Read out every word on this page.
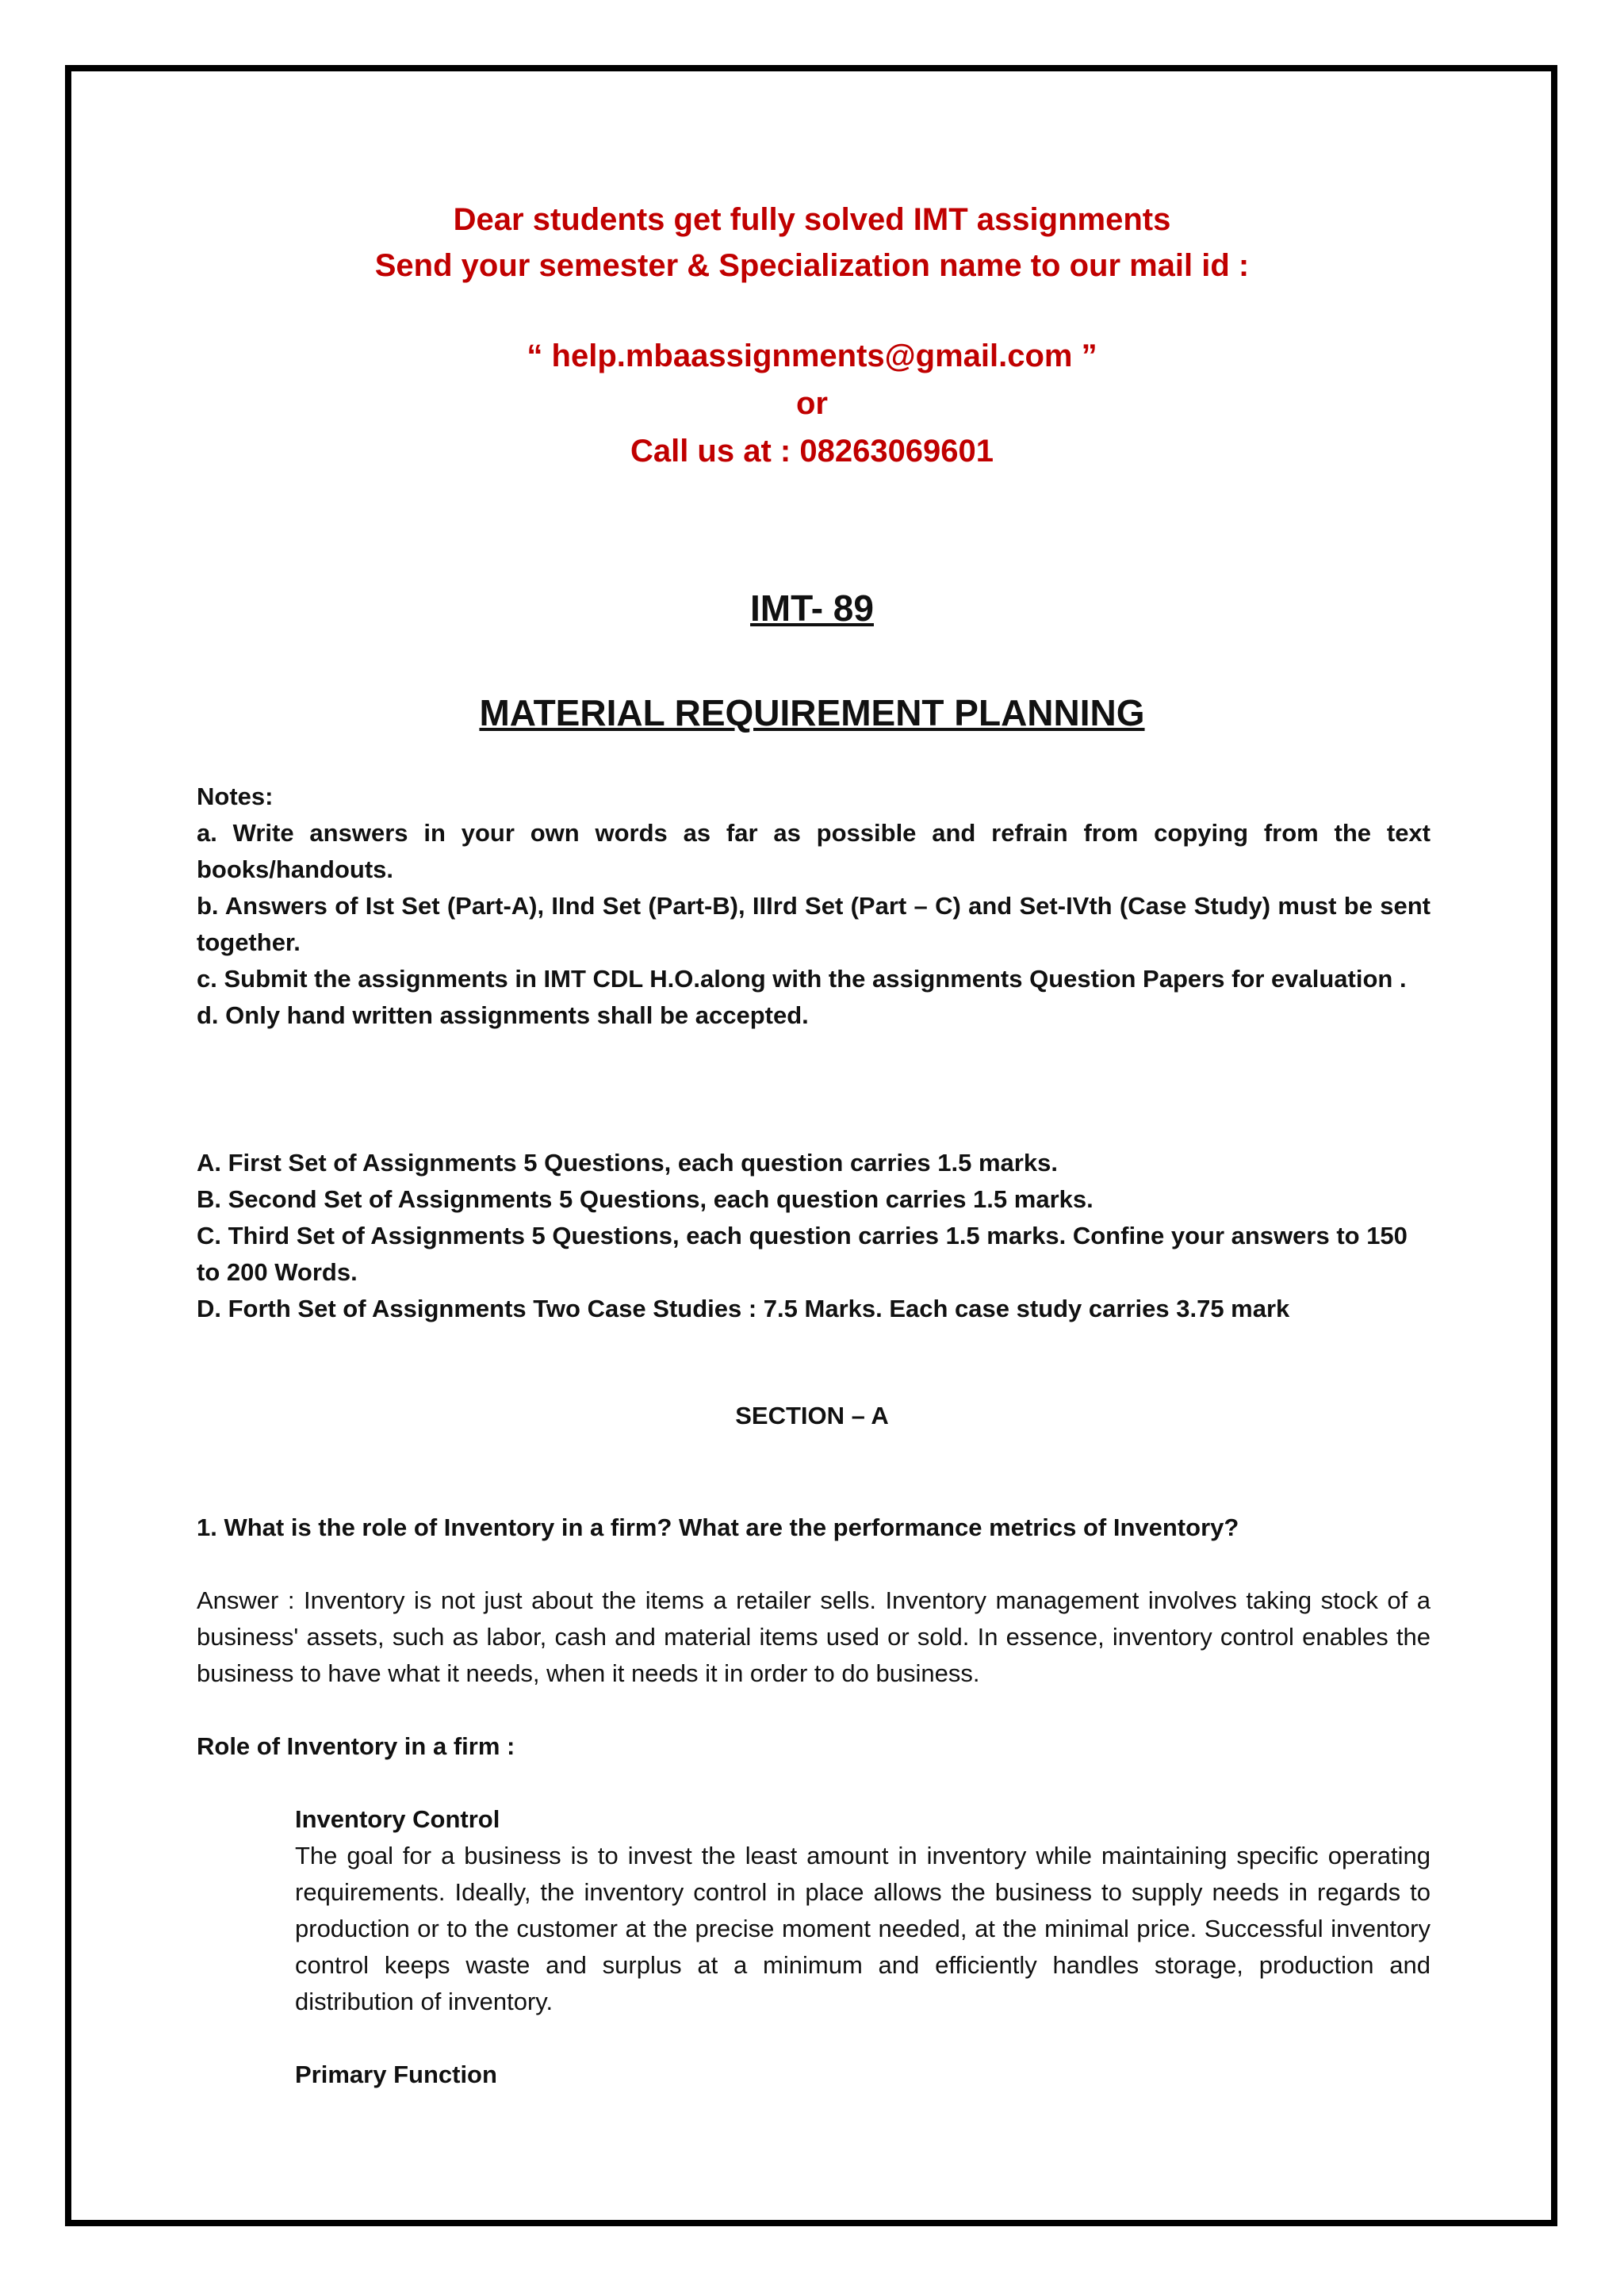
Dear students get fully solved IMT assignments
Send your semester & Specialization name to our mail id :
“ help.mbaassignments@gmail.com ”
or
Call us at : 08263069601
IMT- 89
MATERIAL REQUIREMENT PLANNING

Notes:

a. Write answers in your own words as far as possible and refrain from copying from the text books/handouts.

b. Answers of Ist Set (Part-A), IInd Set (Part-B), IIIrd Set (Part – C) and Set-IVth (Case Study) must be sent together.

c. Submit the assignments in IMT CDL H.O.along with the assignments Question Papers for evaluation .

d. Only hand written assignments shall be accepted.

A. First Set of Assignments 5 Questions, each question carries 1.5 marks.

B. Second Set of Assignments 5 Questions, each question carries 1.5 marks.

C. Third Set of Assignments 5 Questions, each question carries 1.5 marks. Confine your answers to 150 to 200 Words.

D. Forth Set of Assignments Two Case Studies : 7.5 Marks. Each case study carries 3.75 mark

SECTION – A
1. What is the role of Inventory in a firm? What are the performance metrics of Inventory?
Answer : Inventory is not just about the items a retailer sells. Inventory management involves taking stock of a business' assets, such as labor, cash and material items used or sold. In essence, inventory control enables the business to have what it needs, when it needs it in order to do business.
Role of Inventory in a firm :

Inventory Control

The goal for a business is to invest the least amount in inventory while maintaining specific operating requirements. Ideally, the inventory control in place allows the business to supply needs in regards to production or to the customer at the precise moment needed, at the minimal price. Successful inventory control keeps waste and surplus at a minimum and efficiently handles storage, production and distribution of inventory.

Primary Function
